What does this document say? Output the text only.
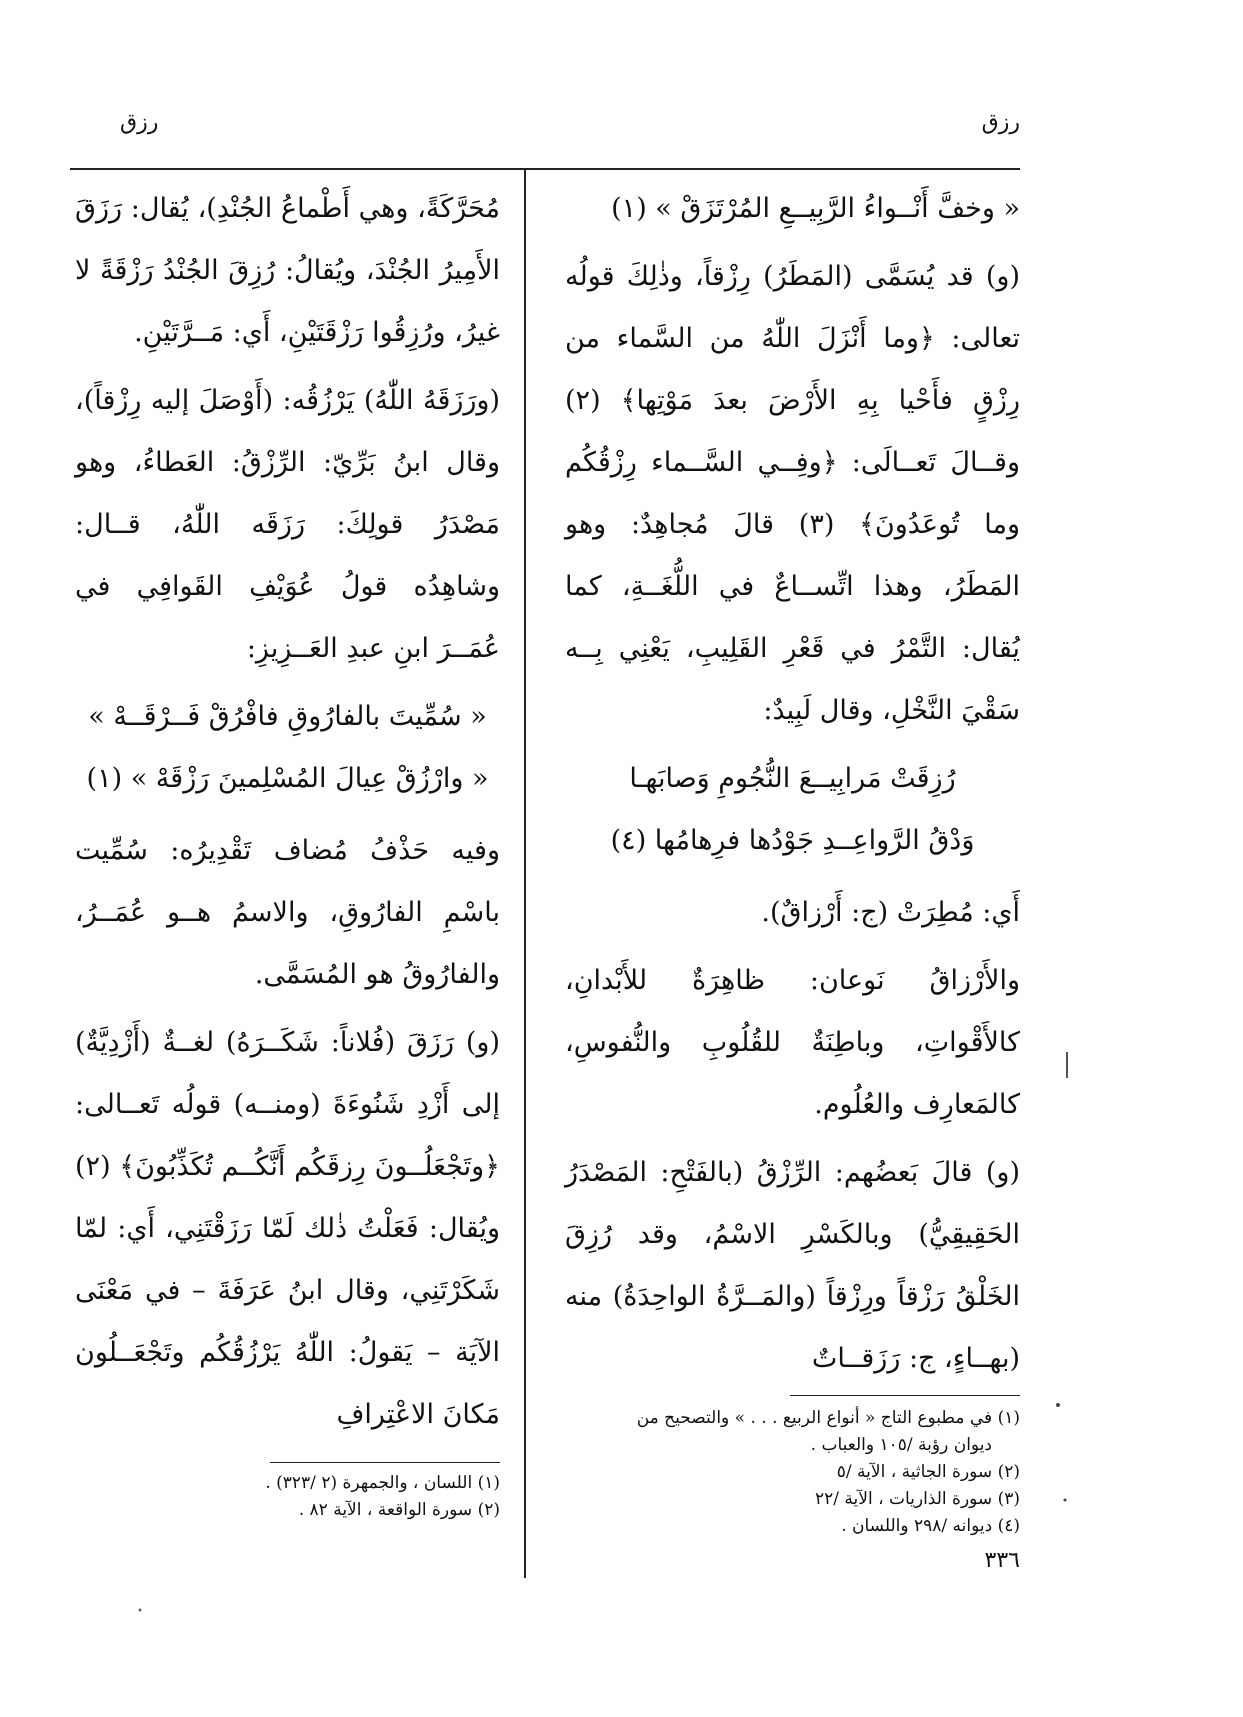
رزق
رزق

« وخفَّ أَنْــواءُ الرَّبِيــعِ المُرْتَزَقْ » (١)

(و) قد يُسَمَّى (المَطَرُ) رِزْقاً، وذٰلِكَ قولُه تعالى: ﴿وما أَنْزَلَ اللّٰهُ من السَّماء من رِزْقٍ فأَحْيا بِهِ الأَرْضَ بعدَ مَوْتِها﴾ (٢) وقــالَ تَعــالَى: ﴿وفِــي السَّــماء رِزْقُكُم وما تُوعَدُونَ﴾ (٣) قالَ مُجاهِدٌ: وهو المَطَرُ، وهذا اتِّســاعٌ في اللُّغَــةِ، كما يُقال: التَّمْرُ في قَعْرِ القَلِيبِ، يَعْنِي بِــه سَقْيَ النَّخْلِ، وقال لَبِيدٌ:

رُزِقَتْ مَرابِيــعَ النُّجُومِ وَصابَهـا
وَدْقُ الرَّواعِــدِ جَوْدُها فرِهامُها (٤)

أَي: مُطِرَتْ (ج: أَرْزاقٌ).

والأَرْزاقُ نَوعان: ظاهِرَةٌ للأَبْدانِ، كالأَقْواتِ، وباطِنَةٌ للقُلُوبِ والنُّفوسِ، كالمَعارِف والعُلُوم.

(و) قالَ بَعضُهم: الرِّزْقُ (بالفَتْحِ: المَصْدَرُ الحَقِيقِيُّ) وبالكَسْرِ الاسْمُ، وقد رُزِقَ الخَلْقُ رَزْقاً ورِزْقاً (والمَــرَّةُ الواحِدَةُ) منه (بهــاءٍ، ج: رَزَقــاتٌ

مُحَرَّكَةً، وهي أَطْماعُ الجُنْدِ)، يُقال: رَزَقَ الأَمِيرُ الجُنْدَ، ويُقالُ: رُزِقَ الجُنْدُ رَزْقَةً لا غيرُ، ورُزِقُوا رَزْقَتَيْنِ، أَي: مَــرَّتَيْنِ.

(ورَزَقَهُ اللّٰهُ) يَرْزُقُه: (أَوْصَلَ إليه رِزْقاً)، وقال ابنُ بَرِّيّ: الرِّزْقُ: العَطاءُ، وهو مَصْدَرُ قولِكَ: رَزَقَه اللّٰهُ، قــال: وشاهِدُه قولُ عُوَيْفِ القَوافِي في عُمَــرَ ابنِ عبدِ العَــزِيزِ:

« سُمِّيتَ بالفارُوقِ فافْرُقْ فَــرْقَــهْ »
« وارْزُقْ عِيالَ المُسْلِمينَ رَزْقَهْ » (١)

وفيه حَذْفُ مُضاف تَقْدِيرُه: سُمِّيت باسْمِ الفارُوقِ، والاسمُ هــو عُمَــرُ، والفارُوقُ هو المُسَمَّى.

(و) رَزَقَ (فُلاناً: شَكَــرَهُ) لغــةٌ (أَزْدِيَّةٌ) إلى أَزْدِ شَنُوءَةَ (ومنــه) قولُه تَعــالى: ﴿وتَجْعَلُــونَ رِزقَكُم أَنَّكُــم تُكَذِّبُونَ﴾ (٢) ويُقال: فَعَلْتُ ذٰلك لَمّا رَزَقْتَنِي، أَي: لمّا شَكَرْتَنِي، وقال ابنُ عَرَفَةَ – في مَعْنَى الآيَة – يَقولُ: اللّٰهُ يَرْزُقُكُم وتَجْعَــلُون مَكانَ الاعْتِرافِ	(١) في مطبوع التاج « أنواع الربيع . . . » والتصحيح من
ديوان رؤبة /١٠٥ والعباب .
(٢) سورة الجاثية ، الآية /٥
(٣) سورة الذاريات ، الآية /٢٢
(٤) ديوانه /٢٩٨ واللسان .
(١) اللسان ، والجمهرة (٢ /٣٢٣) .
(٢) سورة الواقعة ، الآية ٨٢ .
٣٣٦
